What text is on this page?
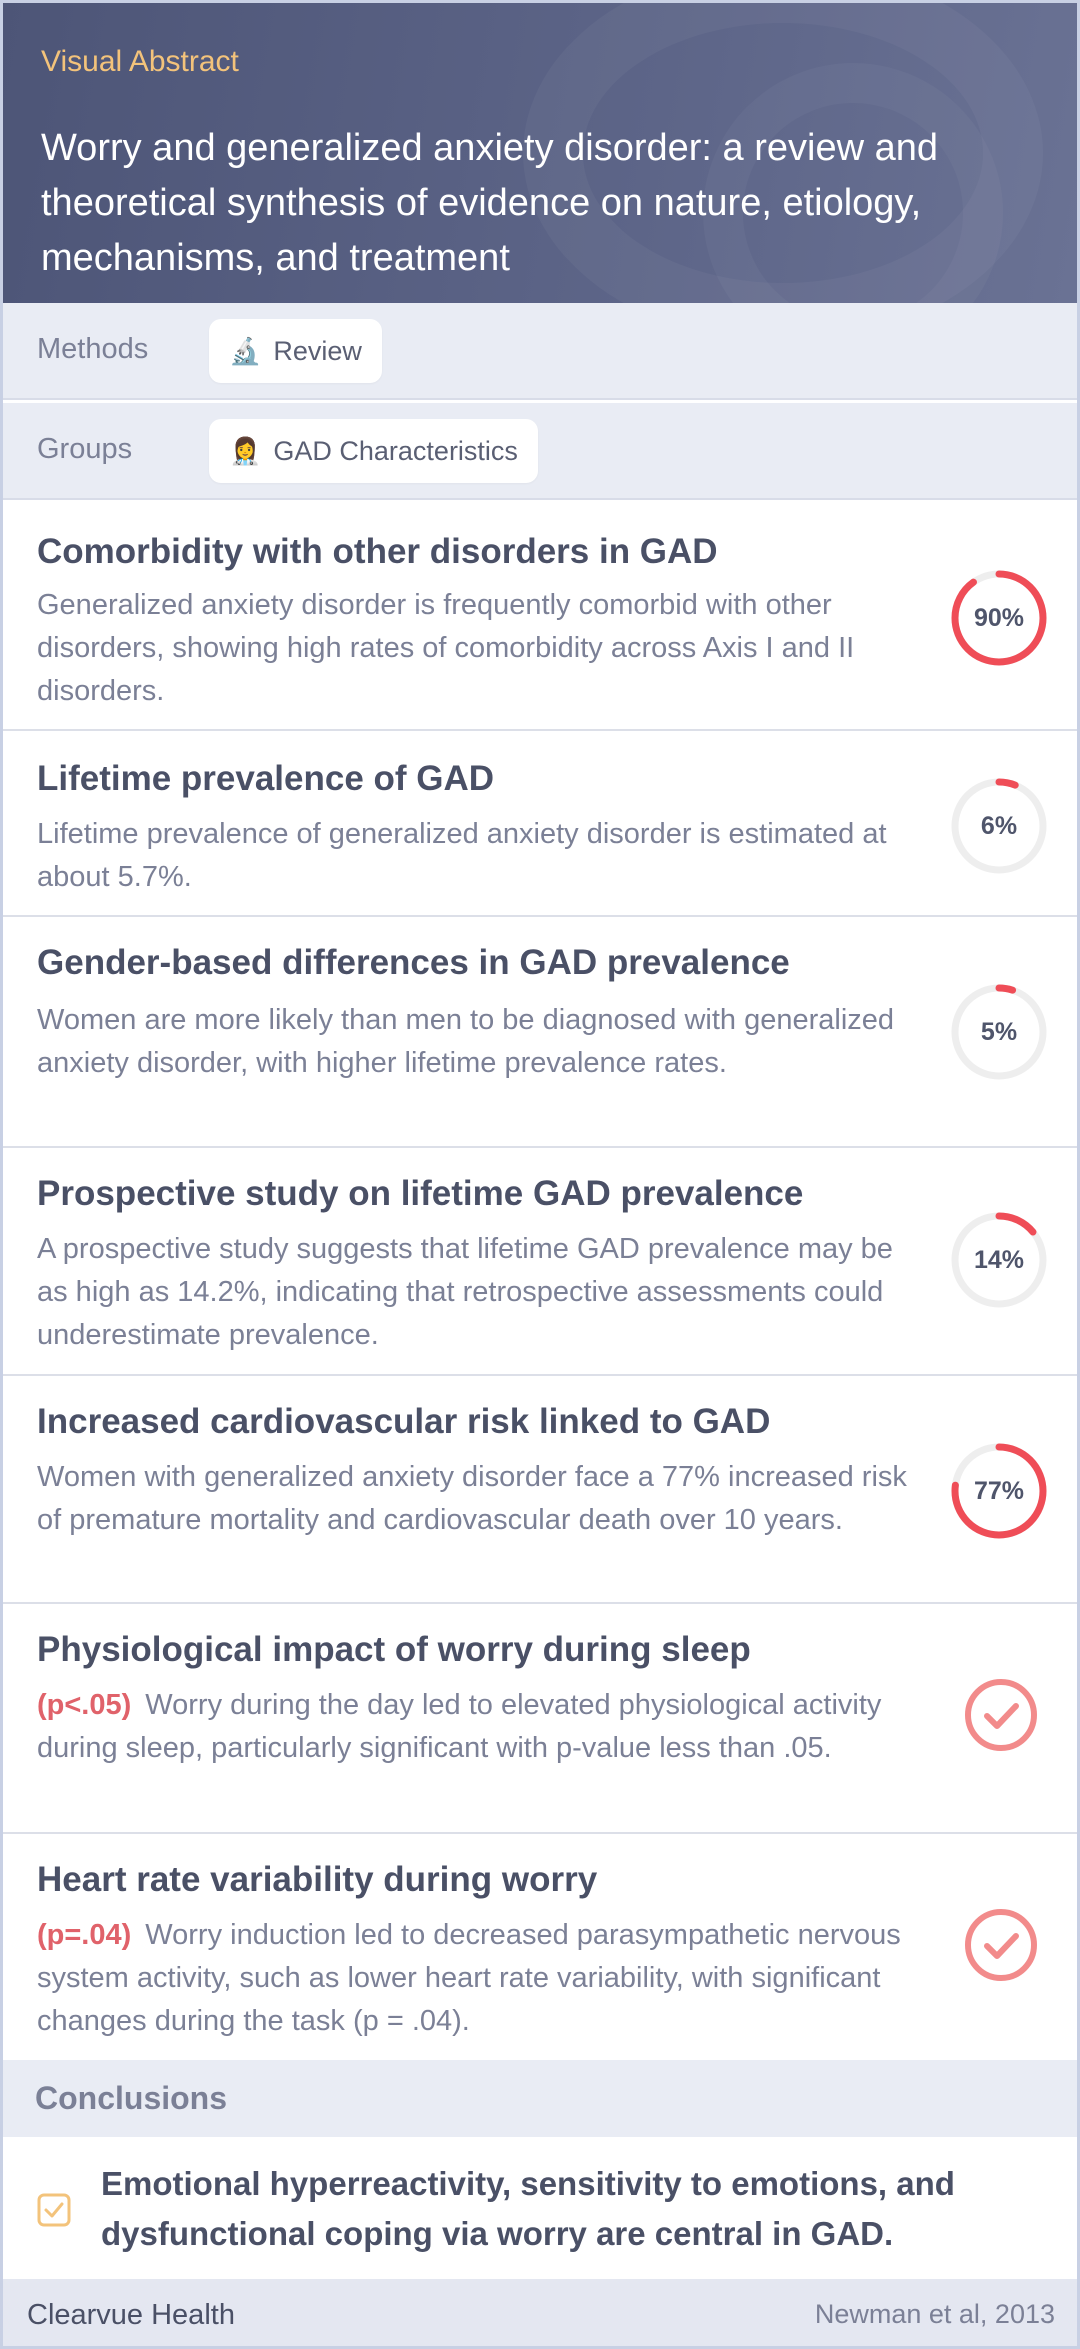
Visual Abstract
Worry and generalized anxiety disorder: a review and theoretical synthesis of evidence on nature, etiology, mechanisms, and treatment
Methods	🔬 Review
Groups	👩‍⚕️ GAD Characteristics
Comorbidity with other disorders in GAD

Generalized anxiety disorder is frequently comorbid with other disorders, showing high rates of comorbidity across Axis I and II disorders.

90%
Lifetime prevalence of GAD

Lifetime prevalence of generalized anxiety disorder is estimated at about 5.7%.

6%
Gender-based differences in GAD prevalence

Women are more likely than men to be diagnosed with generalized anxiety disorder, with higher lifetime prevalence rates.

5%
Prospective study on lifetime GAD prevalence

A prospective study suggests that lifetime GAD prevalence may be as high as 14.2%, indicating that retrospective assessments could underestimate prevalence.

14%
Increased cardiovascular risk linked to GAD

Women with generalized anxiety disorder face a 77% increased risk of premature mortality and cardiovascular death over 10 years.

77%
Physiological impact of worry during sleep

(p<.05) Worry during the day led to elevated physiological activity during sleep, particularly significant with p-value less than .05.

Heart rate variability during worry

(p=.04) Worry induction led to decreased parasympathetic nervous system activity, such as lower heart rate variability, with significant changes during the task (p = .04).

Conclusions

Emotional hyperreactivity, sensitivity to emotions, and dysfunctional coping via worry are central in GAD.

Clearvue Health	Newman et al, 2013
